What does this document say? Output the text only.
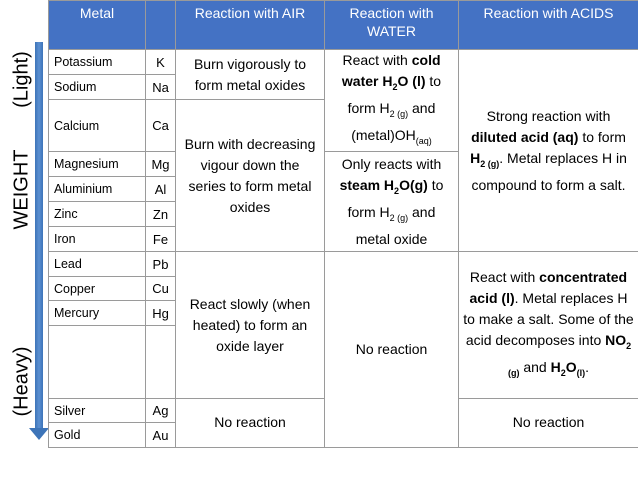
(Light)
WEIGHT
(Heavy)
Metal		Reaction with AIR	Reaction with WATER	Reaction with ACIDS
Potassium	K	Burn vigorously to form metal oxides	React with cold water $H_2O$ (l) to form $H_{2 (g)}$ and $(metal)OH_{(aq)}$	Strong reaction with diluted acid (aq) to form $H_{2 (g)}$. Metal replaces H in compound to form a salt.
Sodium	Na			
Calcium	Ca	Burn with decreasing vigour down the series to form metal oxides		
Magnesium	Mg		Only reacts with steam $H_2O(g)$ to form $H_{2 (g)}$ and metal oxide	
Aluminium	Al			
Zinc	Zn			
Iron	Fe			
Lead	Pb	React slowly (when heated) to form an oxide layer	No reaction	React with concentrated acid (l). Metal replaces H to make a salt. Some of the acid decomposes into $NO_{2 (g)}$ and $H_2O_{(l)}$.
Copper	Cu			
Mercury	Hg			

Silver	Ag	No reaction		No reaction
Gold	Au			
